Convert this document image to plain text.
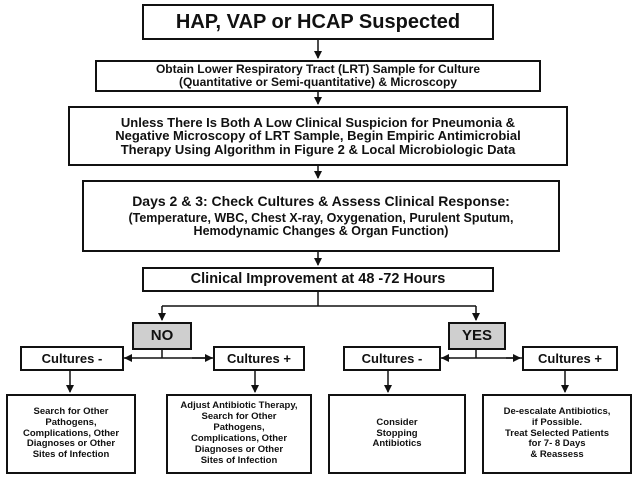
HAP, VAP or HCAP Suspected
Obtain Lower Respiratory Tract (LRT) Sample for Culture
(Quantitative or Semi-quantitative) & Microscopy
Unless There Is Both A Low Clinical Suspicion for Pneumonia &
Negative Microscopy of LRT Sample, Begin Empiric Antimicrobial
Therapy Using Algorithm in Figure 2 & Local Microbiologic Data
Days 2 & 3: Check Cultures & Assess Clinical Response:
(Temperature, WBC, Chest X-ray, Oxygenation, Purulent Sputum,
Hemodynamic Changes & Organ Function)
Clinical Improvement at 48 -72 Hours
NO	YES
Cultures -	Cultures +	Cultures -	Cultures +
Search for Other
Pathogens,
Complications, Other
Diagnoses or Other
Sites of Infection
Adjust Antibiotic Therapy,
Search for Other
Pathogens,
Complications, Other
Diagnoses or Other
Sites of Infection
Consider
Stopping
Antibiotics
De-escalate Antibiotics,
if Possible.
Treat Selected Patients
for 7- 8 Days
& Reassess
